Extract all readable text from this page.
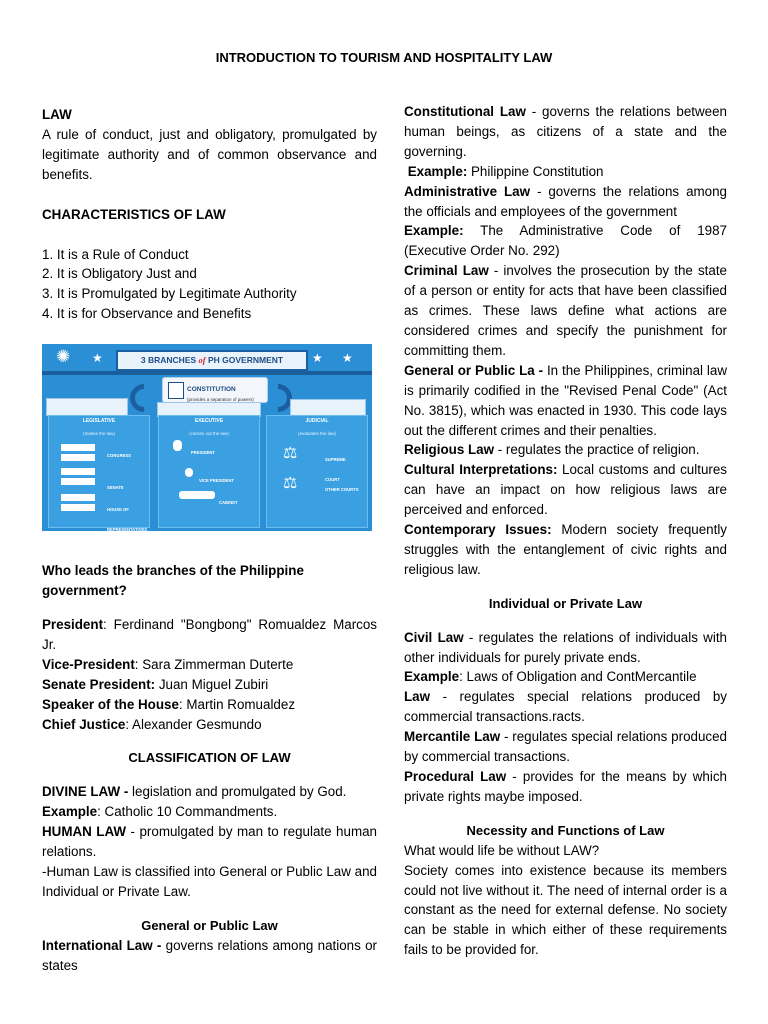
INTRODUCTION TO TOURISM AND HOSPITALITY LAW

LAW

A rule of conduct, just and obligatory, promulgated by legitimate authority and of common observance and benefits.

CHARACTERISTICS OF LAW

1. It is a Rule of Conduct

2. It is Obligatory Just and

3. It is Promulgated by Legitimate Authority

4. It is for Observance and Benefits

✺ ★	★ ★
3 BRANCHES of PH GOVERNMENT
CONSTITUTION
(provides a separation of powers)
LEGISLATIVE
(makes the law)
CONGRESS
SENATE
HOUSE OF REPRESENTATIVES
EXECUTIVE
(carries out the law)
PRESIDENT
VICE PRESIDENT
CABINET
JUDICIAL
(evaluates the law)
⚖	SUPREME COURT
⚖	OTHER COURTS

Who leads the branches of the Philippine government?

President: Ferdinand "Bongbong" Romualdez Marcos Jr.

Vice-President: Sara Zimmerman Duterte

Senate President: Juan Miguel Zubiri

Speaker of the House: Martin Romualdez

Chief Justice: Alexander Gesmundo

CLASSIFICATION OF LAW

DIVINE LAW - legislation and promulgated by God.

Example: Catholic 10 Commandments.

HUMAN LAW - promulgated by man to regulate human relations.

-Human Law is classified into General or Public Law and Individual or Private Law.

General or Public Law

International Law - governs relations among nations or states

Constitutional Law - governs the relations between human beings, as citizens of a state and the governing.

Example: Philippine Constitution

Administrative Law - governs the relations among the officials and employees of the government

Example: The Administrative Code of 1987 (Executive Order No. 292)

Criminal Law - involves the prosecution by the state of a person or entity for acts that have been classified as crimes. These laws define what actions are considered crimes and specify the punishment for committing them.

General or Public La - In the Philippines, criminal law is primarily codified in the "Revised Penal Code" (Act No. 3815), which was enacted in 1930. This code lays out the different crimes and their penalties.

Religious Law - regulates the practice of religion.

Cultural Interpretations: Local customs and cultures can have an impact on how religious laws are perceived and enforced.

Contemporary Issues: Modern society frequently struggles with the entanglement of civic rights and religious law.

Individual or Private Law

Civil Law - regulates the relations of individuals with other individuals for purely private ends.

Example: Laws of Obligation and ContMercantile

Law - regulates special relations produced by commercial transactions.racts.

Mercantile Law - regulates special relations produced by commercial transactions.

Procedural Law - provides for the means by which private rights maybe imposed.

Necessity and Functions of Law

What would life be without LAW?

Society comes into existence because its members could not live without it. The need of internal order is a constant as the need for external defense. No society can be stable in which either of these requirements fails to be provided for.
